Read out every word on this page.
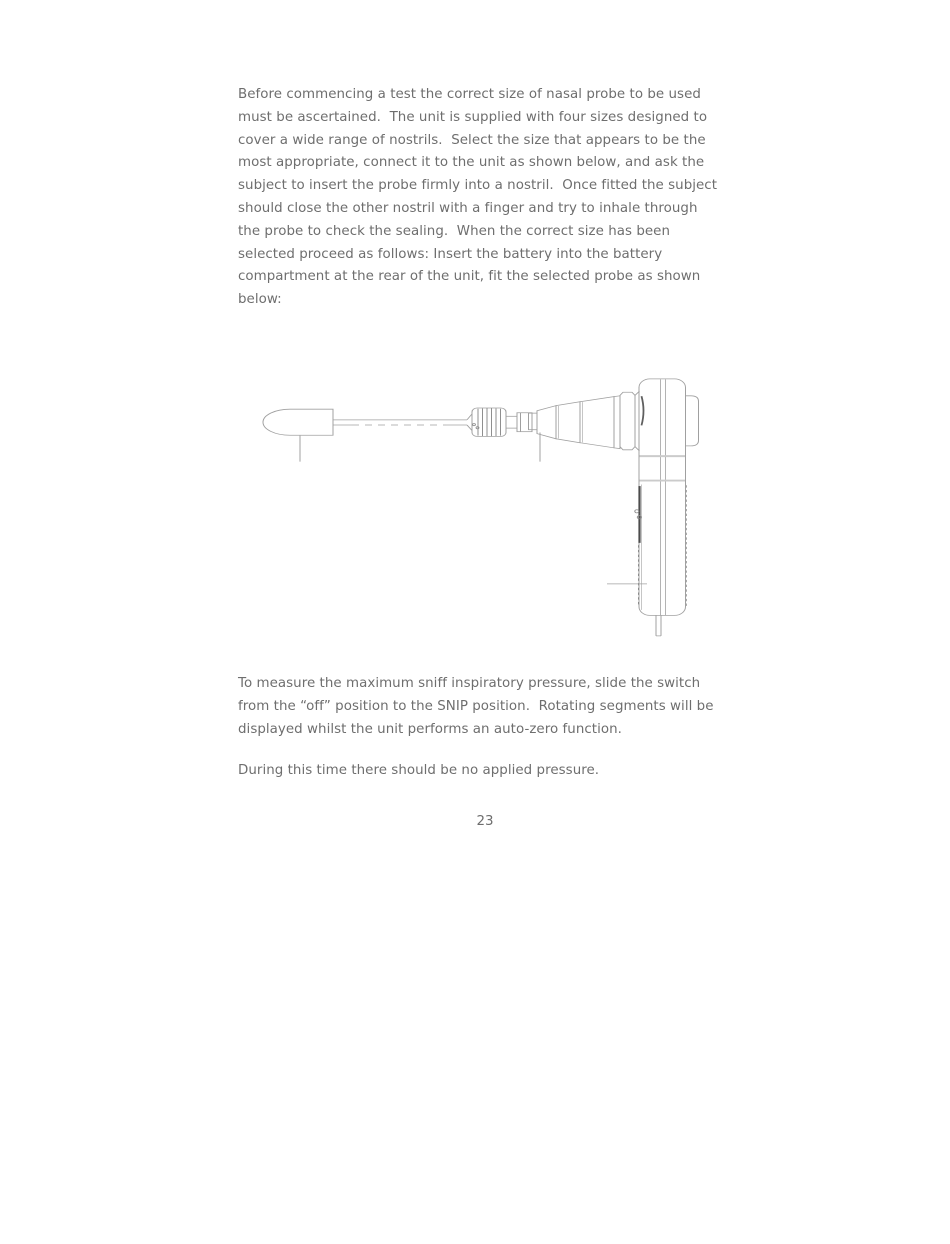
Before commencing a test the correct size of nasal probe to be used
must be ascertained.  The unit is supplied with four sizes designed to
cover a wide range of nostrils.  Select the size that appears to be the
most appropriate, connect it to the unit as shown below, and ask the
subject to insert the probe firmly into a nostril.  Once fitted the subject
should close the other nostril with a finger and try to inhale through
the probe to check the sealing.  When the correct size has been
selected proceed as follows: Insert the battery into the battery
compartment at the rear of the unit, fit the selected probe as shown
below:
To measure the maximum sniff inspiratory pressure, slide the switch
from the “off” position to the SNIP position.  Rotating segments will be
displayed whilst the unit performs an auto-zero function.
During this time there should be no applied pressure.
23
